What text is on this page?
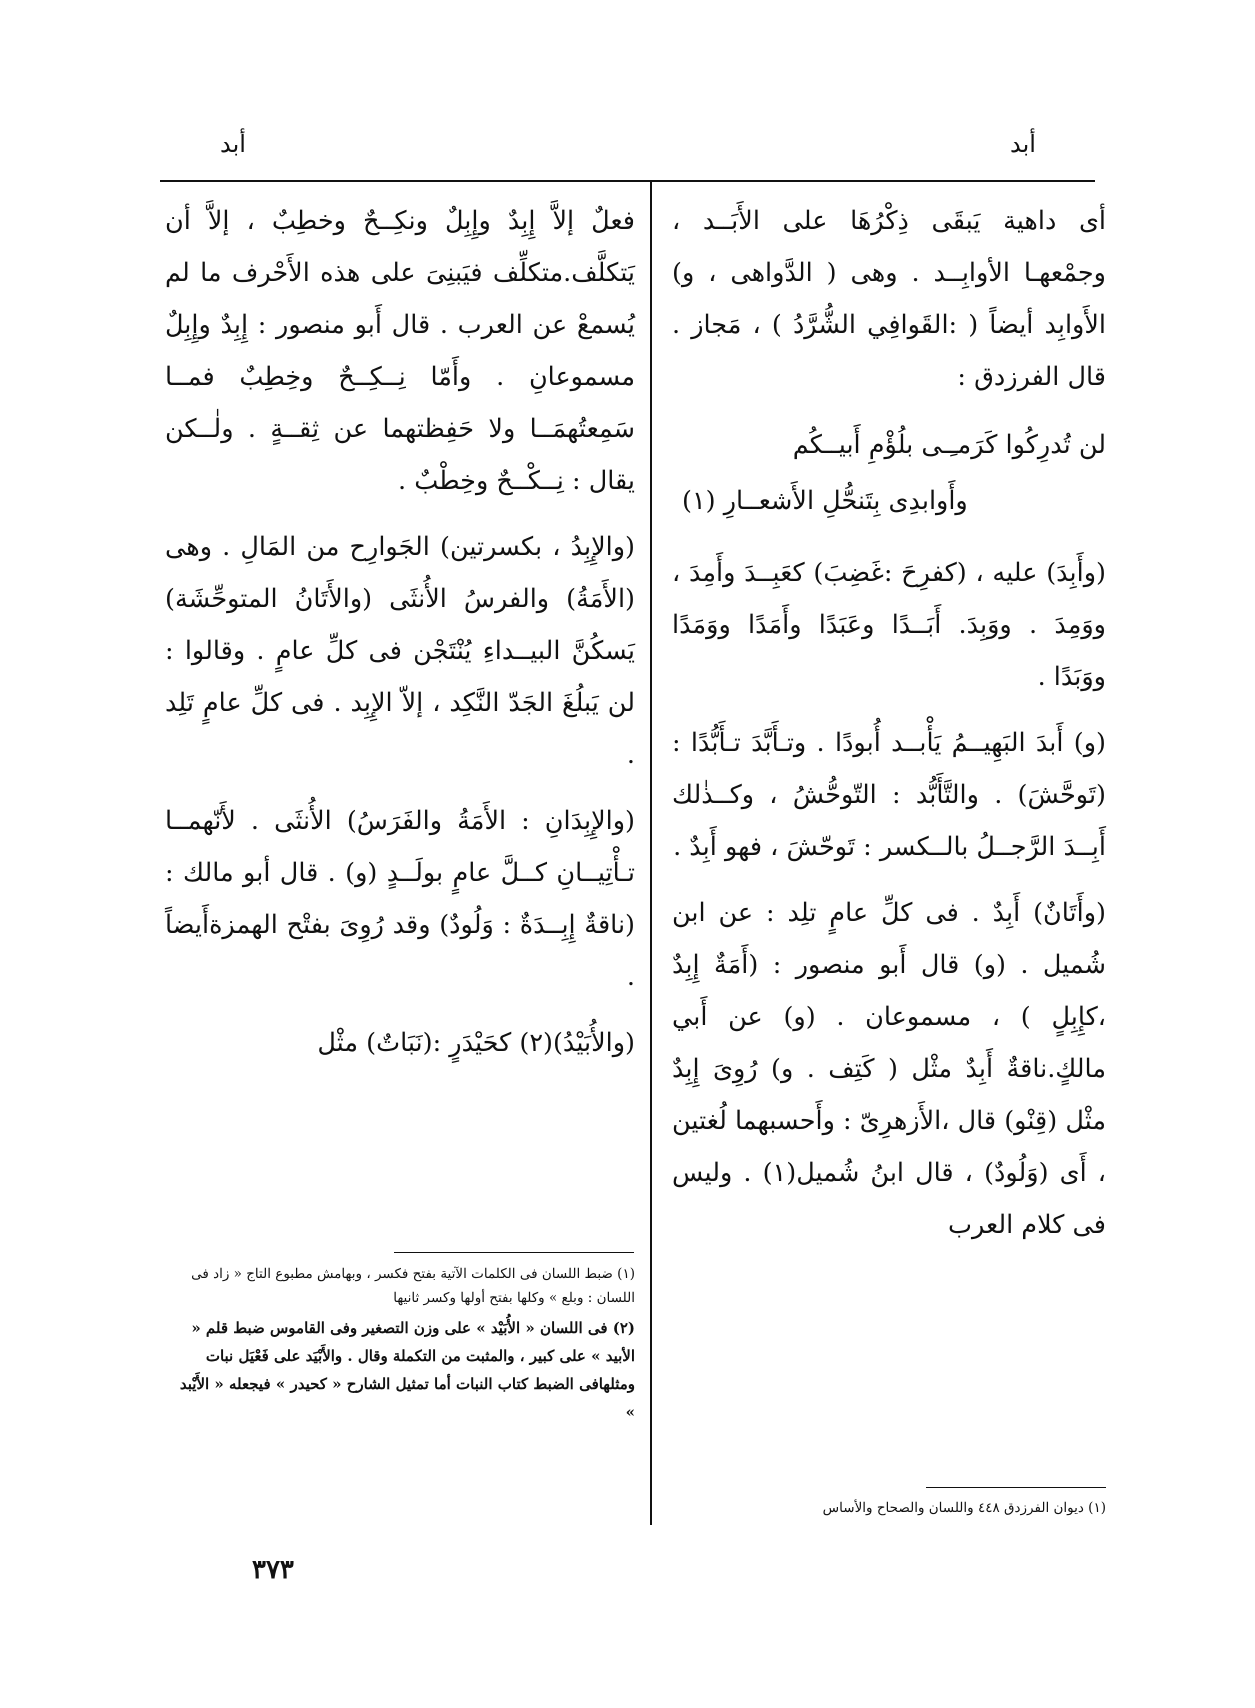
أبد
أبد

أى داهية يَبقَى ذِكْرُهَا على الأَبَــد ، وجمْعهـا الأوابِــد . وهى ( الدَّواهى ، و) الأَوابِد أيضاً ( :القَوافِي الشُّرَّدُ ) ، مَجاز . قال الفرزدق :

لن تُدرِكُوا كَرَمـِـى بلُؤْمِ أَبيــكُم
وأَوابدِى بِتَنحُّلِ الأَشعــارِ (١)

(وأَبِدَ) عليه ، (كفرِحَ :غَضِبَ) كعَبِــدَ وأَمِدَ ، ووَمِدَ . ووَبِدَ. أَبَــدًا وعَبَدًا وأَمَدًا ووَمَدًا ووَبَدًا .

(و) أَبدَ البَهِيــمُ يَأْبــد أُبودًا . وتـأَبَّدَ تـأَبُّدًا : (تَوحَّشَ) . والتَّأَبُّد : التّوحُّشُ ، وكــذٰلك أَبِــدَ الرَّجــلُ بالــكسر : تَوحّشَ ، فهو أَبِدٌ .

(وأَتَانٌ) أَبِدٌ . فى كلِّ عامٍ تلِد : عن ابن شُميل . (و) قال أَبو منصور : (أَمَةٌ إِبِدٌ ،كإِبِلٍ ) ، مسموعان . (و) عن أَبي مالكٍ.ناقةٌ أَبِدٌ مثْل ( كَتِف . و) رُوِىَ إِبِدٌ مثْل (قِنْو) قال ،الأَزهرِىّ : وأَحسبهما لُغتين ، أَى (وَلُودٌ) ، قال ابنُ شُميل(١) . وليس فى كلام العرب

فعلٌ إلاَّ إِبِدٌ وإِبِلٌ ونكِــحٌ وخطِبٌ ، إلاَّ أن يَتكلَّف.متكلِّف فيَبنِىَ على هذه الأَحْرف ما لم يُسمعْ عن العرب . قال أَبو منصور : إِبِدٌ وإِبِلٌ مسموعانِ . وأَمّا نِــكِــحٌ وخِطِبٌ فمــا سَمِعتُهمَــا ولا حَفِظتهما عن ثِقــةٍ . ولٰــكن يقال : نِــكْــحٌ وخِطْبٌ .

(والإِبِدُ ، بكسرتين) الجَوارِح من المَالِ . وهى (الأَمَةُ) والفرسُ الأُنثَى (والأَتَانُ المتوحِّشَة) يَسكُنَّ البيــداءِ يُنْتَجْن فى كلِّ عامٍ . وقالوا : لن يَبلُغَ الجَدّ النَّكِد ، إلاّ الإِبِد . فى كلِّ عامٍ تَلِد .

(والإِبِدَانِ : الأَمَةُ والفَرَسُ) الأُنثَى . لأَنّهمــا تـأْتِيــانِ كــلَّ عامٍ بولَــدٍ (و) . قال أبو مالك : (ناقةٌ إِبِــدَةٌ : وَلُودٌ) وقد رُوِىَ بفتْح الهمزةأَيضاً .

(والأُبَيْدُ)(٢) كحَيْدَرٍ :(نَبَاتٌ) مثْل

(١) ضبط اللسان فى الكلمات الآتية بفتح فكسر ، وبهامش مطبوع التاج « زاد فى اللسان : وبلع » وكلها بفتح أولها وكسر ثانيها

(٢) فى اللسان « الأُبَيْد » على وزن التصغير وفى القاموس ضبط قلم « الأبيد » على كبير ، والمثبت من التكملة وقال . والأَبْيَد على فَعْيَل نبات ومثلهافى الضبط كتاب النبات أما تمثيل الشارح « كحيدر » فيجعله « الأَيْبد »

(١) ديوان الفرزدق ٤٤٨ واللسان والصحاح والأساس

٣٧٣
